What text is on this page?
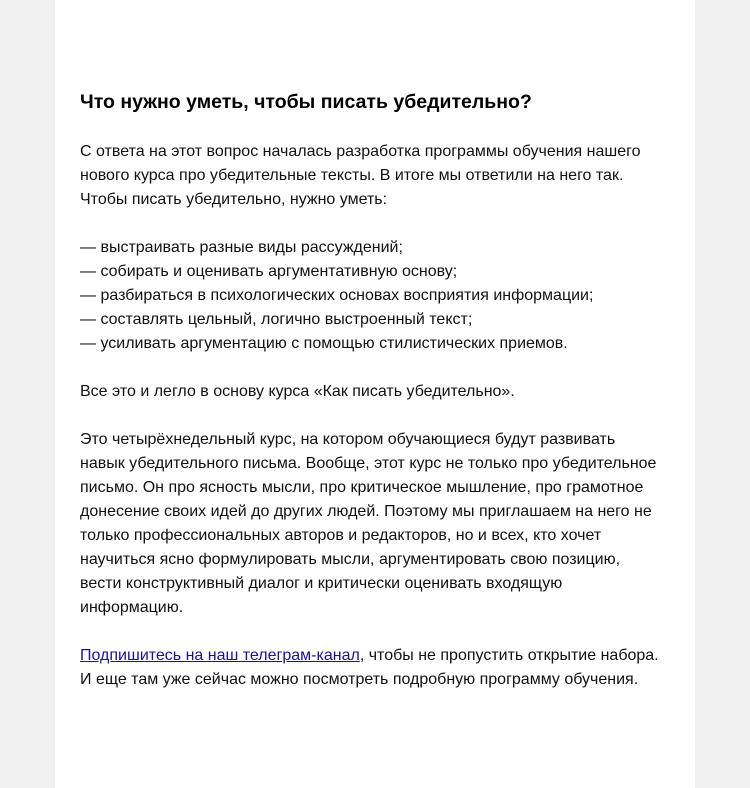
Что нужно уметь, чтобы писать убедительно?

С ответа на этот вопрос началась разработка программы обучения нашего
нового курса про убедительные тексты. В итоге мы ответили на него так.
Чтобы писать убедительно, нужно уметь:

— выстраивать разные виды рассуждений;
— собирать и оценивать аргументативную основу;
— разбираться в психологических основах восприятия информации;
— составлять цельный, логично выстроенный текст;
— усиливать аргументацию с помощью стилистических приемов.

Все это и легло в основу курса «Как писать убедительно».

Это четырёхнедельный курс, на котором обучающиеся будут развивать
навык убедительного письма. Вообще, этот курс не только про убедительное
письмо. Он про ясность мысли, про критическое мышление, про грамотное
донесение своих идей до других людей. Поэтому мы приглашаем на него не
только профессиональных авторов и редакторов, но и всех, кто хочет
научиться ясно формулировать мысли, аргументировать свою позицию,
вести конструктивный диалог и критически оценивать входящую
информацию.

Подпишитесь на наш телеграм-канал, чтобы не пропустить открытие набора.
И еще там уже сейчас можно посмотреть подробную программу обучения.
